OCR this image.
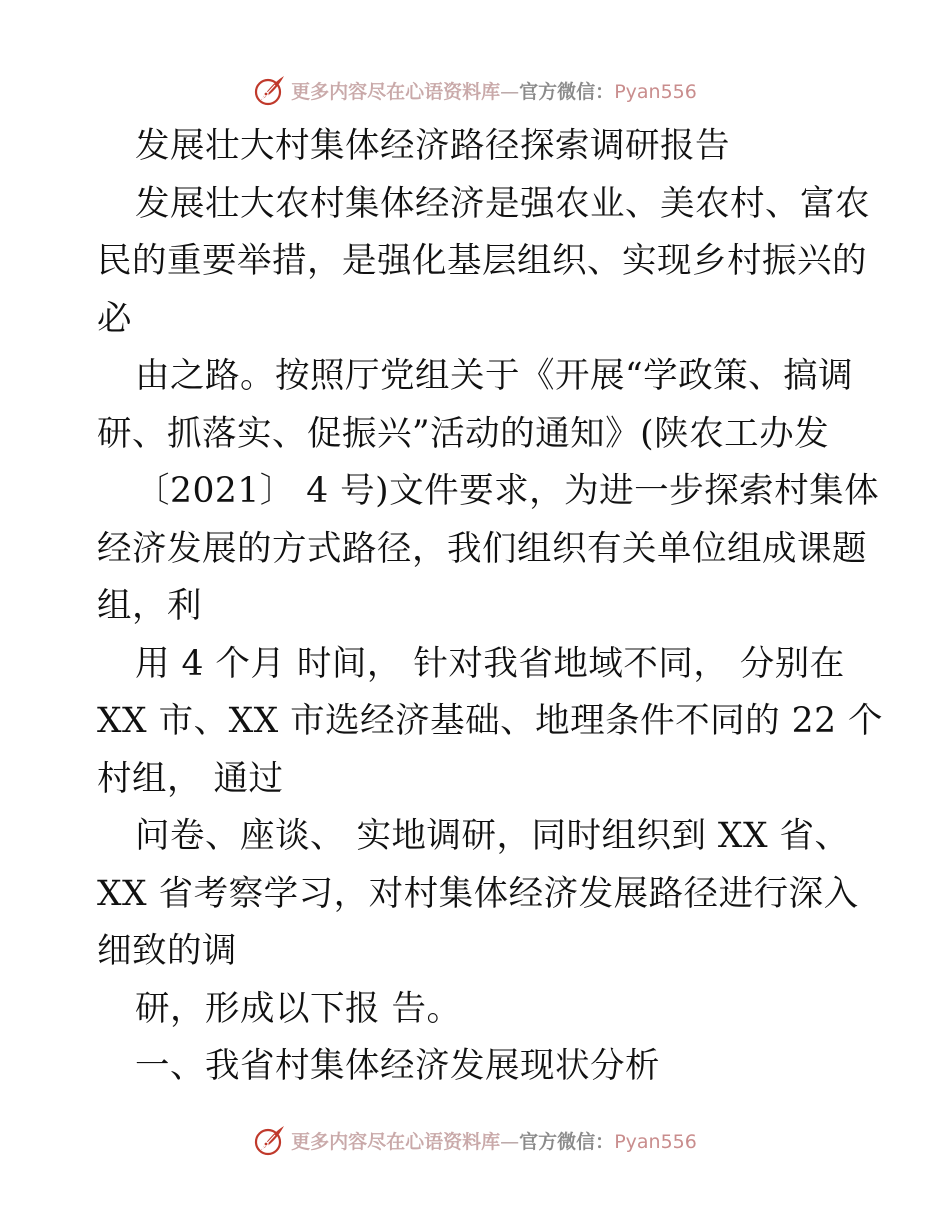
更多内容尽在心语资料库—官方微信：Pyan556
发展壮大村集体经济路径探索调研报告
发展壮大农村集体经济是强农业、美农村、富农
民的重要举措，是强化基层组织、实现乡村振兴的
必
由之路。按照厅党组关于《开展“学政策、搞调
研、抓落实、促振兴”活动的通知》(陕农工办发
〔2021〕 4 号)文件要求，为进一步探索村集体
经济发展的方式路径，我们组织有关单位组成课题
组，利
用 4 个月 时间， 针对我省地域不同， 分别在
XX 市、XX 市选经济基础、地理条件不同的 22 个
村组， 通过
问卷、座谈、 实地调研，同时组织到 XX 省、
XX 省考察学习，对村集体经济发展路径进行深入
细致的调
研，形成以下报 告。
一、我省村集体经济发展现状分析
更多内容尽在心语资料库—官方微信：Pyan556
